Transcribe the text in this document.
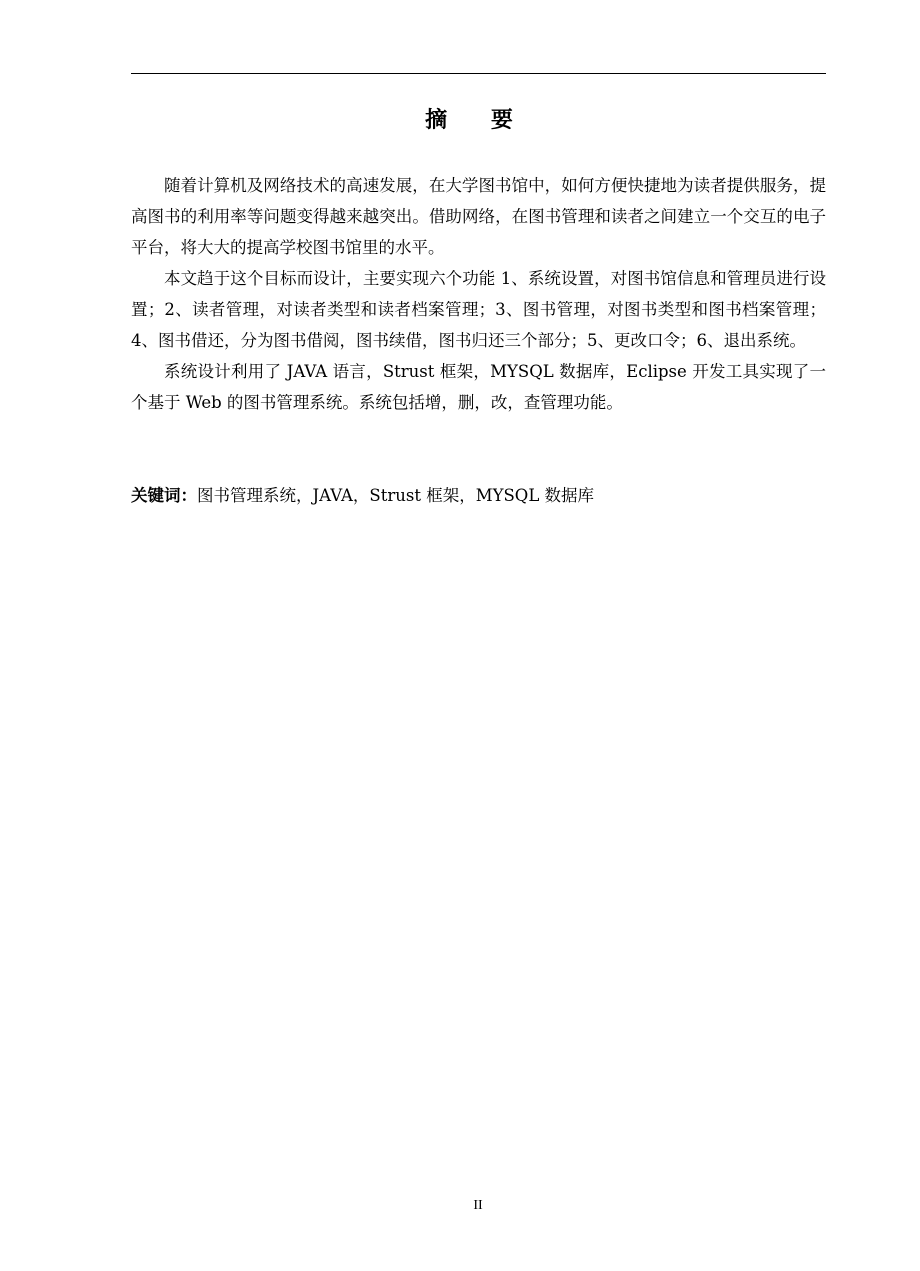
摘 要

随着计算机及网络技术的高速发展，在大学图书馆中，如何方便快捷地为读者提供服务，提高图书的利用率等问题变得越来越突出。借助网络，在图书管理和读者之间建立一个交互的电子平台，将大大的提高学校图书馆里的水平。

本文趋于这个目标而设计，主要实现六个功能 1、系统设置，对图书馆信息和管理员进行设置；2、读者管理，对读者类型和读者档案管理；3、图书管理，对图书类型和图书档案管理；4、图书借还，分为图书借阅，图书续借，图书归还三个部分；5、更改口令；6、退出系统。

系统设计利用了 JAVA 语言，Strust 框架，MYSQL 数据库，Eclipse 开发工具实现了一个基于 Web 的图书管理系统。系统包括增，删，改，查管理功能。

关键词：图书管理系统，JAVA，Strust 框架，MYSQL 数据库
II
